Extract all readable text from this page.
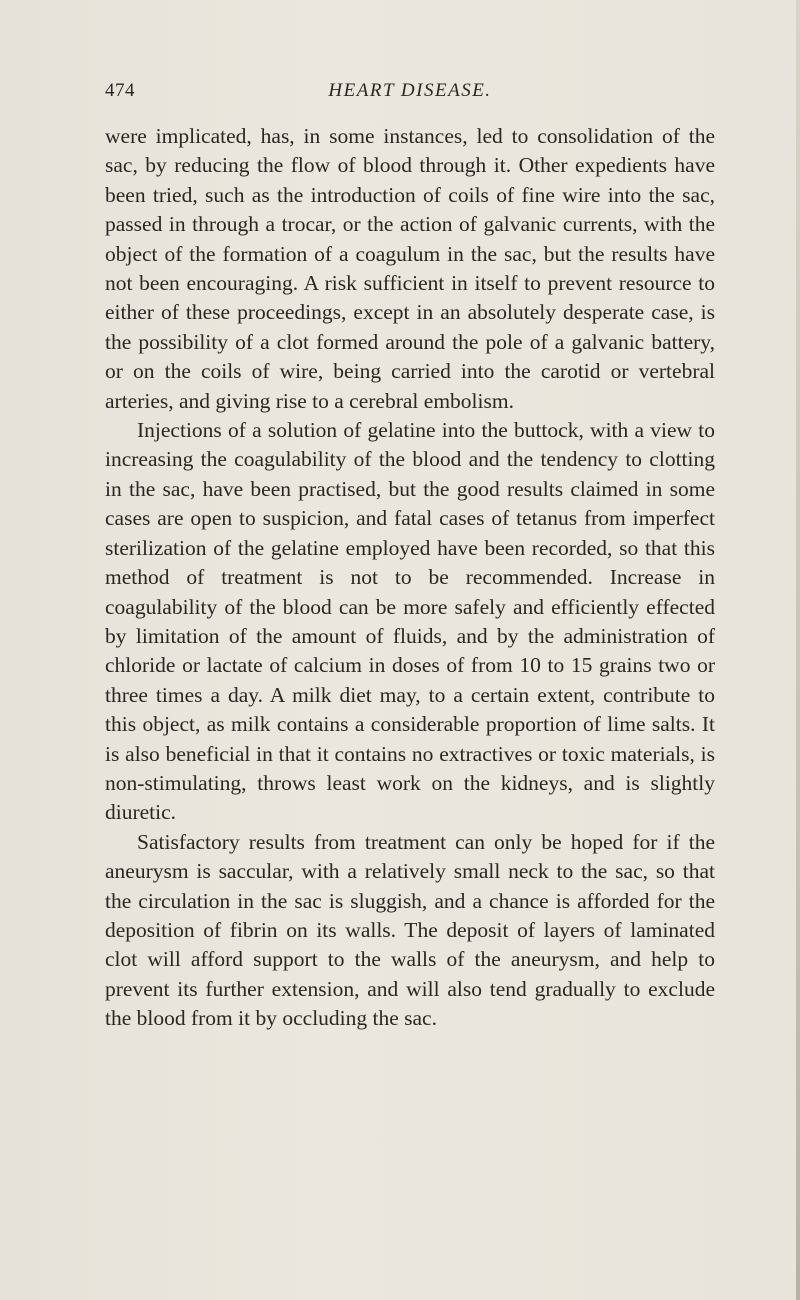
474	HEART DISEASE.

were implicated, has, in some instances, led to consolidation of the sac, by reducing the flow of blood through it. Other expedients have been tried, such as the introduction of coils of fine wire into the sac, passed in through a trocar, or the action of galvanic currents, with the object of the formation of a coagulum in the sac, but the results have not been encouraging. A risk sufficient in itself to prevent resource to either of these proceedings, except in an absolutely desperate case, is the possibility of a clot formed around the pole of a galvanic battery, or on the coils of wire, being carried into the carotid or vertebral arteries, and giving rise to a cerebral embolism.

Injections of a solution of gelatine into the buttock, with a view to increasing the coagulability of the blood and the tendency to clotting in the sac, have been practised, but the good results claimed in some cases are open to suspicion, and fatal cases of tetanus from imperfect sterilization of the gelatine employed have been recorded, so that this method of treatment is not to be recommended. Increase in coagulability of the blood can be more safely and efficiently effected by limitation of the amount of fluids, and by the administration of chloride or lactate of calcium in doses of from 10 to 15 grains two or three times a day. A milk diet may, to a certain extent, contribute to this object, as milk contains a considerable proportion of lime salts. It is also beneficial in that it contains no extractives or toxic materials, is non-stimulating, throws least work on the kidneys, and is slightly diuretic.

Satisfactory results from treatment can only be hoped for if the aneurysm is saccular, with a relatively small neck to the sac, so that the circulation in the sac is sluggish, and a chance is afforded for the deposition of fibrin on its walls. The deposit of layers of laminated clot will afford support to the walls of the aneurysm, and help to prevent its further extension, and will also tend gradually to exclude the blood from it by occluding the sac.
